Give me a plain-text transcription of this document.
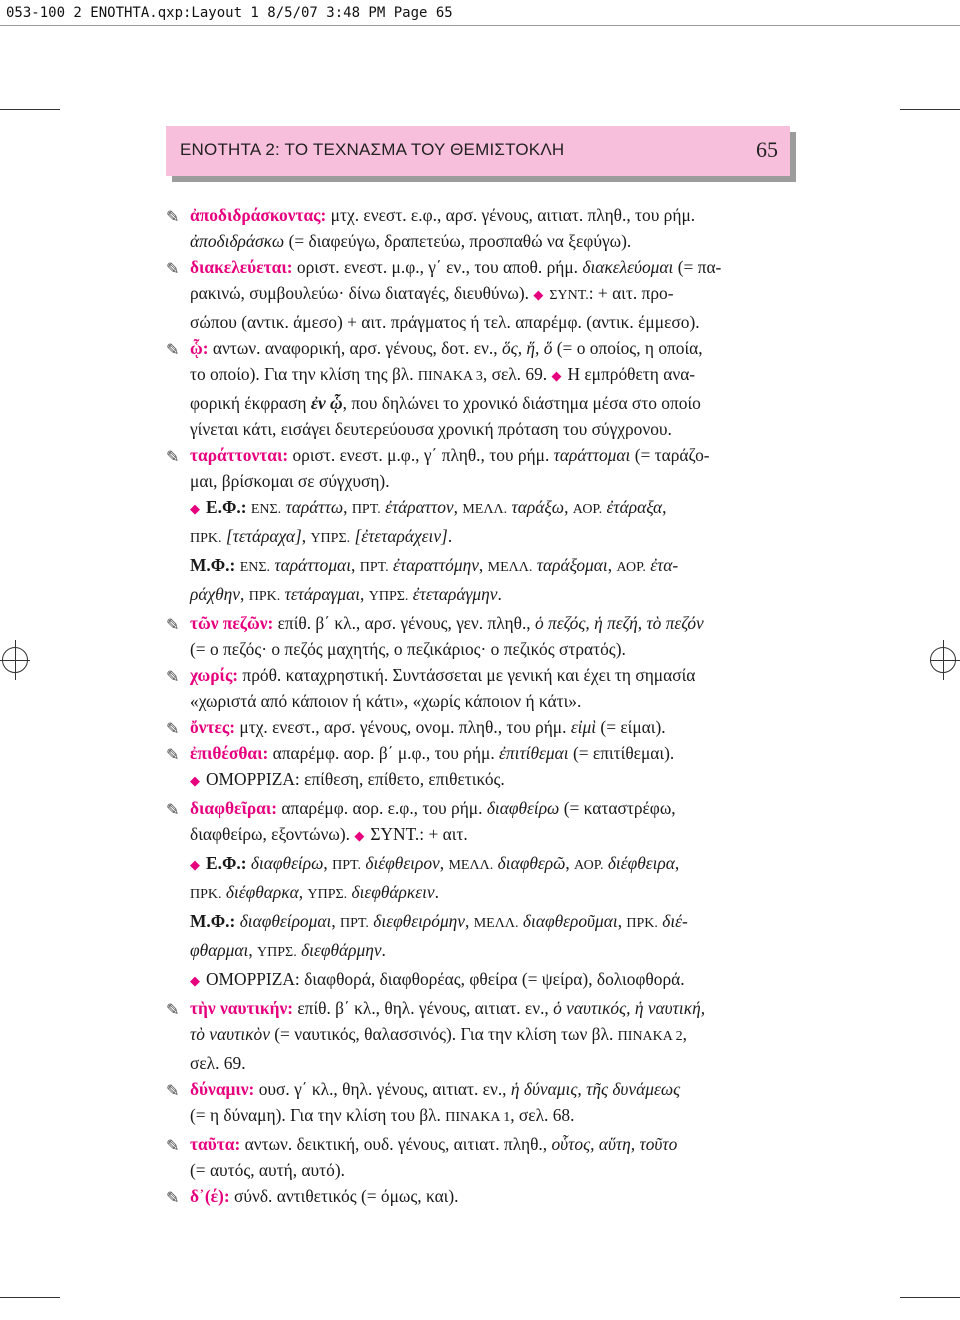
053-100 2 ΕΝΟΤΗΤΑ.qxp:Layout 1 8/5/07 3:48 PM Page 65
ΕΝΟΤΗΤΑ 2: ΤΟ ΤΕΧΝΑΣΜΑ ΤΟΥ ΘΕΜΙΣΤΟΚΛΗ	65
✎ ἀποδιδράσκοντας: μτχ. ενεστ. ε.φ., αρσ. γένους, αιτιατ. πληθ., του ρήμ.
ἀποδιδράσκω (= διαφεύγω, δραπετεύω, προσπαθώ να ξεφύγω).
✎ διακελεύεται: οριστ. ενεστ. μ.φ., γ΄ εν., του αποθ. ρήμ. διακελεύομαι (= πα-
ρακινώ, συμβουλεύω· δίνω διαταγές, διευθύνω). ◆ ΣΥΝΤ.: + αιτ. προ-
σώπου (αντικ. άμεσο) + αιτ. πράγματος ή τελ. απαρέμφ. (αντικ. έμμεσο).
✎ ᾧ: αντων. αναφορική, αρσ. γένους, δοτ. εν., ὅς, ἥ, ὅ (= ο οποίος, η οποία,
το οποίο). Για την κλίση της βλ. ΠΙΝΑΚΑ 3, σελ. 69. ◆ Η εμπρόθετη ανα-
φορική έκφραση ἐν ᾧ, που δηλώνει το χρονικό διάστημα μέσα στο οποίο
γίνεται κάτι, εισάγει δευτερεύουσα χρονική πρόταση του σύγχρονου.
✎ ταράττονται: οριστ. ενεστ. μ.φ., γ΄ πληθ., του ρήμ. ταράττομαι (= ταράζο-
μαι, βρίσκομαι σε σύγχυση).
◆ Ε.Φ.: ΕΝΣ. ταράττω, ΠΡΤ. ἐτάραττον, ΜΕΛΛ. ταράξω, ΑΟΡ. ἐτάραξα,
ΠΡΚ. [τετάραχα], ΥΠΡΣ. [ἐτεταράχειν].
Μ.Φ.: ΕΝΣ. ταράττομαι, ΠΡΤ. ἐταραττόμην, ΜΕΛΛ. ταράξομαι, ΑΟΡ. ἐτα-
ράχθην, ΠΡΚ. τετάραγμαι, ΥΠΡΣ. ἐτεταράγμην.
✎ τῶν πεζῶν: επίθ. β΄ κλ., αρσ. γένους, γεν. πληθ., ὁ πεζός, ἡ πεζή, τὸ πεζόν
(= ο πεζός· ο πεζός μαχητής, ο πεζικάριος· ο πεζικός στρατός).
✎ χωρίς: πρόθ. καταχρηστική. Συντάσσεται με γενική και έχει τη σημασία
«χωριστά από κάποιον ή κάτι», «χωρίς κάποιον ή κάτι».
✎ ὄντες: μτχ. ενεστ., αρσ. γένους, ονομ. πληθ., του ρήμ. εἰμὶ (= είμαι).
✎ ἐπιθέσθαι: απαρέμφ. αορ. β΄ μ.φ., του ρήμ. ἐπιτίθεμαι (= επιτίθεμαι).
◆ ΟΜΟΡΡΙΖΑ: επίθεση, επίθετο, επιθετικός.
✎ διαφθεῖραι: απαρέμφ. αορ. ε.φ., του ρήμ. διαφθείρω (= καταστρέφω,
διαφθείρω, εξοντώνω). ◆ ΣΥΝΤ.: + αιτ.
◆ Ε.Φ.: διαφθείρω, ΠΡΤ. διέφθειρον, ΜΕΛΛ. διαφθερῶ, ΑΟΡ. διέφθειρα,
ΠΡΚ. διέφθαρκα, ΥΠΡΣ. διεφθάρκειν.
Μ.Φ.: διαφθείρομαι, ΠΡΤ. διεφθειρόμην, ΜΕΛΛ. διαφθεροῦμαι, ΠΡΚ. διέ-
φθαρμαι, ΥΠΡΣ. διεφθάρμην.
◆ ΟΜΟΡΡΙΖΑ: διαφθορά, διαφθορέας, φθείρα (= ψείρα), δολιοφθορά.
✎ τὴν ναυτικήν: επίθ. β΄ κλ., θηλ. γένους, αιτιατ. εν., ὁ ναυτικός, ἡ ναυτική,
τὸ ναυτικὸν (= ναυτικός, θαλασσινός). Για την κλίση των βλ. ΠΙΝΑΚΑ 2,
σελ. 69.
✎ δύναμιν: ουσ. γ΄ κλ., θηλ. γένους, αιτιατ. εν., ἡ δύναμις, τῆς δυνάμεως
(= η δύναμη). Για την κλίση του βλ. ΠΙΝΑΚΑ 1, σελ. 68.
✎ ταῦτα: αντων. δεικτική, ουδ. γένους, αιτιατ. πληθ., οὗτος, αὕτη, τοῦτο
(= αυτός, αυτή, αυτό).
✎ δ᾽(έ): σύνδ. αντιθετικός (= όμως, και).
